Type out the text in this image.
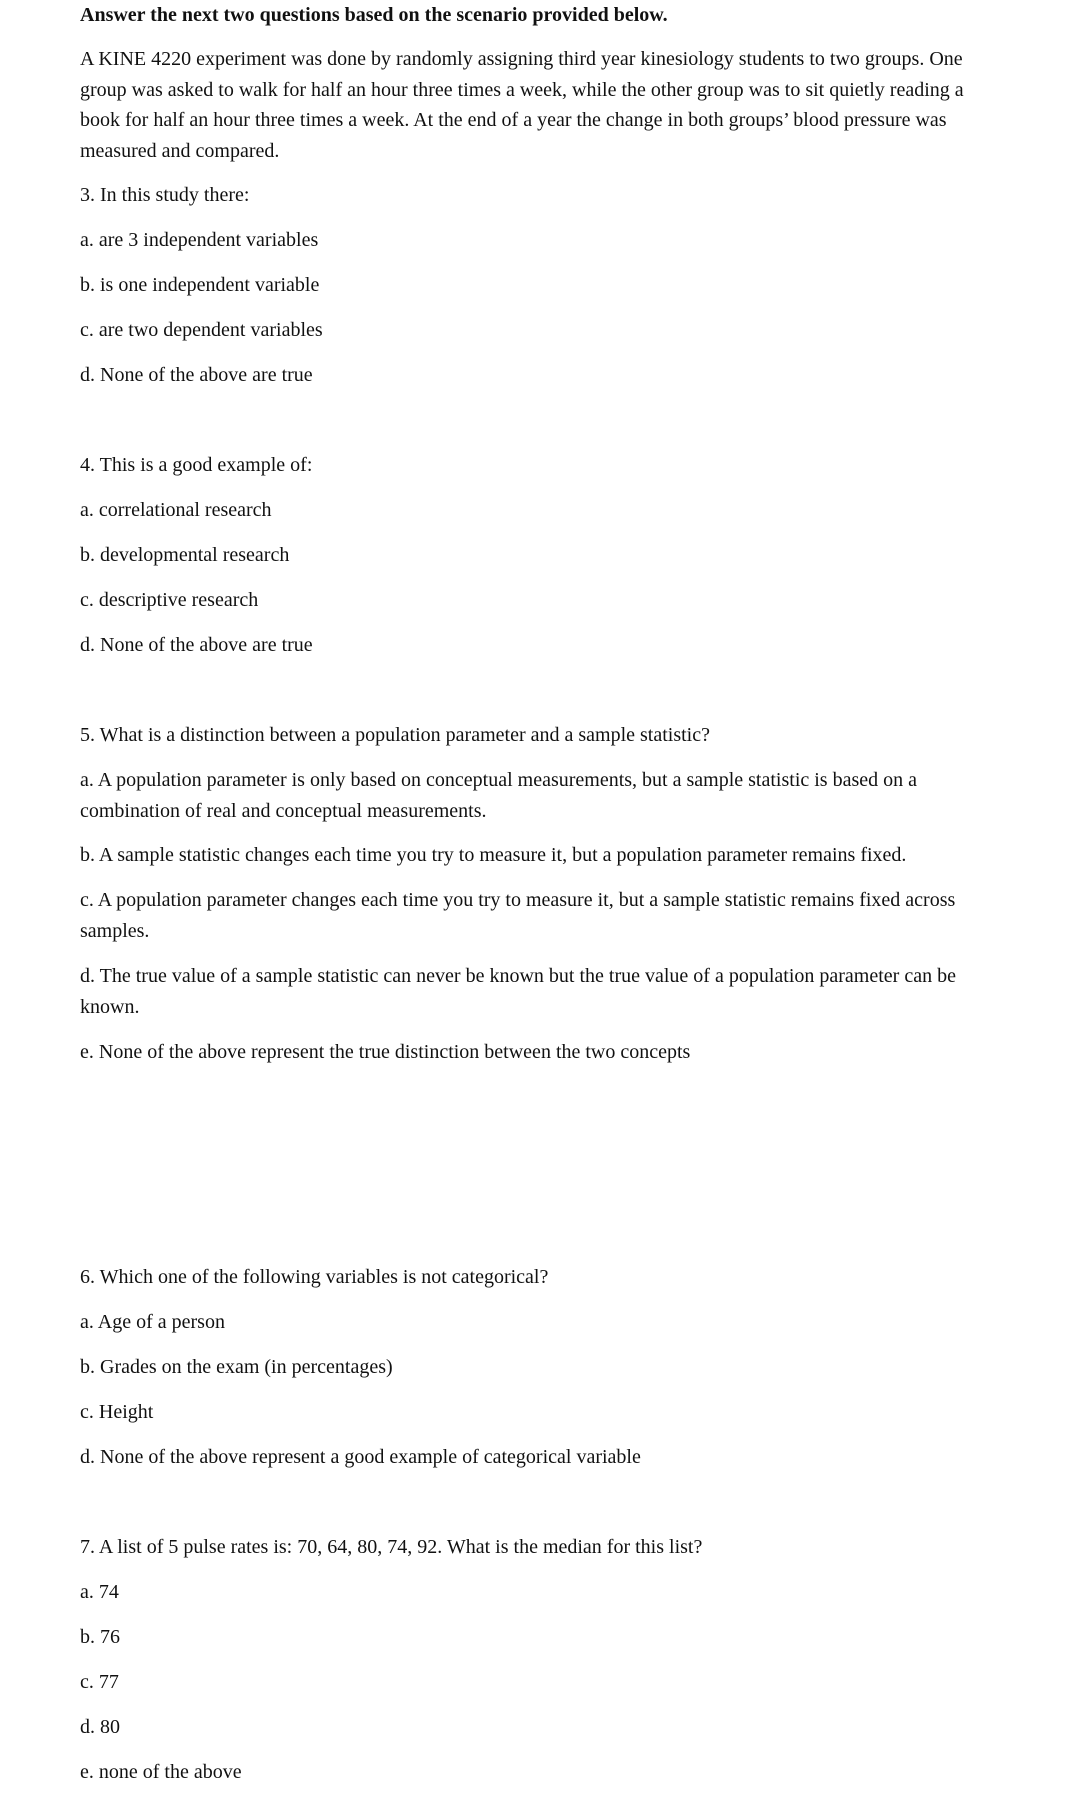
Answer the next two questions based on the scenario provided below.
A KINE 4220 experiment was done by randomly assigning third year kinesiology students to two groups. One group was asked to walk for half an hour three times a week, while the other group was to sit quietly reading a book for half an hour three times a week. At the end of a year the change in both groups’ blood pressure was measured and compared.
3. In this study there:
a. are 3 independent variables
b. is one independent variable
c. are two dependent variables
d. None of the above are true
4. This is a good example of:
a. correlational research
b. developmental research
c. descriptive research
d. None of the above are true
5. What is a distinction between a population parameter and a sample statistic?
a. A population parameter is only based on conceptual measurements, but a sample statistic is based on a combination of real and conceptual measurements.
b. A sample statistic changes each time you try to measure it, but a population parameter remains fixed.
c. A population parameter changes each time you try to measure it, but a sample statistic remains fixed across samples.
d. The true value of a sample statistic can never be known but the true value of a population parameter can be known.
e. None of the above represent the true distinction between the two concepts
6. Which one of the following variables is not categorical?
a. Age of a person
b. Grades on the exam (in percentages)
c. Height
d. None of the above represent a good example of categorical variable
7. A list of 5 pulse rates is: 70, 64, 80, 74, 92. What is the median for this list?
a. 74
b. 76
c. 77
d. 80
e. none of the above
